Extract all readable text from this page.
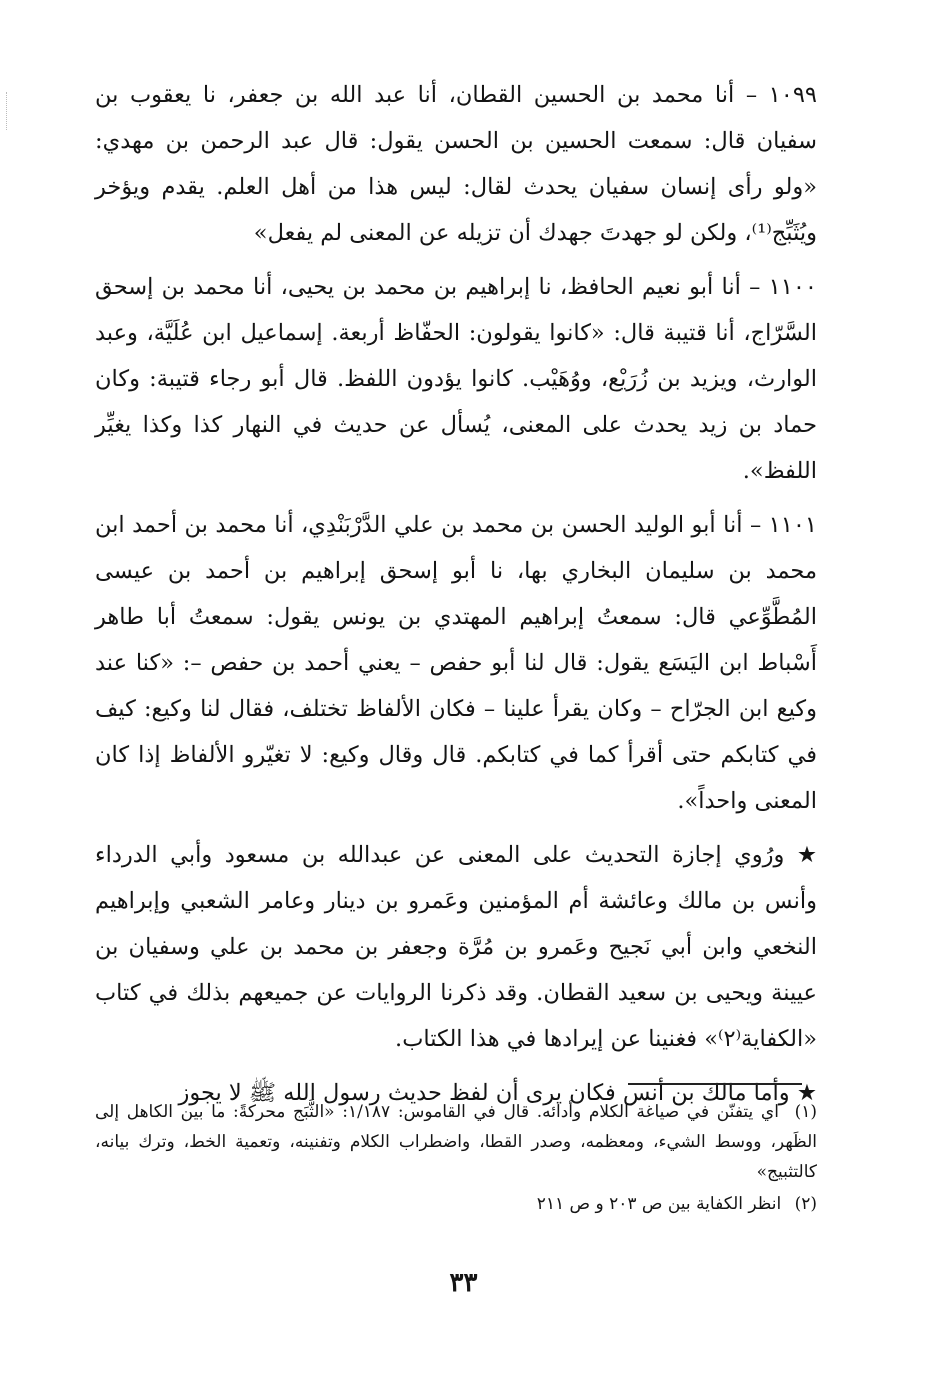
١٠٩٩ – أنا محمد بن الحسين القطان، أنا عبد الله بن جعفر، نا يعقوب بن سفيان قال: سمعت الحسين بن الحسن يقول: قال عبد الرحمن بن مهدي: «ولو رأى إنسان سفيان يحدث لقال: ليس هذا من أهل العلم. يقدم ويؤخر ويُثَبِّج⁽¹⁾، ولكن لو جهدتَ جهدك أن تزيله عن المعنى لم يفعل»

١١٠٠ – أنا أبو نعيم الحافظ، نا إبراهيم بن محمد بن يحيى، أنا محمد بن إسحق السَّرّاج، أنا قتيبة قال: «كانوا يقولون: الحفّاظ أربعة. إسماعيل ابن عُلَيَّة، وعبد الوارث، ويزيد بن زُرَيْع، ووُهَيْب. كانوا يؤدون اللفظ. قال أبو رجاء قتيبة: وكان حماد بن زيد يحدث على المعنى، يُسأل عن حديث في النهار كذا وكذا يغيِّر اللفظ».

١١٠١ – أنا أبو الوليد الحسن بن محمد بن علي الدَّرْبَنْدِي، أنا محمد بن أحمد ابن محمد بن سليمان البخاري بها، نا أبو إسحق إبراهيم بن أحمد بن عيسى المُطَّوِّعي قال: سمعتُ إبراهيم المهتدي بن يونس يقول: سمعتُ أبا طاهر أَسْباط ابن اليَسَع يقول: قال لنا أبو حفص – يعني أحمد بن حفص –: «كنا عند وكيع ابن الجرّاح – وكان يقرأ علينا – فكان الألفاظ تختلف، فقال لنا وكيع: كيف في كتابكم حتى أقرأ كما في كتابكم. قال وقال وكيع: لا تغيّرو الألفاظ إذا كان المعنى واحداً».

★ ورُوي إجازة التحديث على المعنى عن عبدالله بن مسعود وأبي الدرداء وأنس بن مالك وعائشة أم المؤمنين وعَمرو بن دينار وعامر الشعبي وإبراهيم النخعي وابن أبي نَجيح وعَمرو بن مُرَّة وجعفر بن محمد بن علي وسفيان بن عيينة ويحيى بن سعيد القطان. وقد ذكرنا الروايات عن جميعهم بذلك في كتاب «الكفاية⁽٢⁾» فغنينا عن إيرادها في هذا الكتاب.

★ وأما مالك بن أنس فكان يرى أن لفظ حديث رسول الله ﷺ لا يجوز

(١) اي يتفنّن في صياغة الكلام وأدائه. قال في القاموس: ١/١٨٧: «الثَّبَج محركةً: ما بين الكاهل إلى الظَهر، ووسط الشيء، ومعظمه، وصدر القطا، واضطراب الكلام وتفنينه، وتعمية الخط، وترك بيانه، كالتثبيج»

(٢) انظر الكفاية بين ص ٢٠٣ و ص ٢١١

٣٣
